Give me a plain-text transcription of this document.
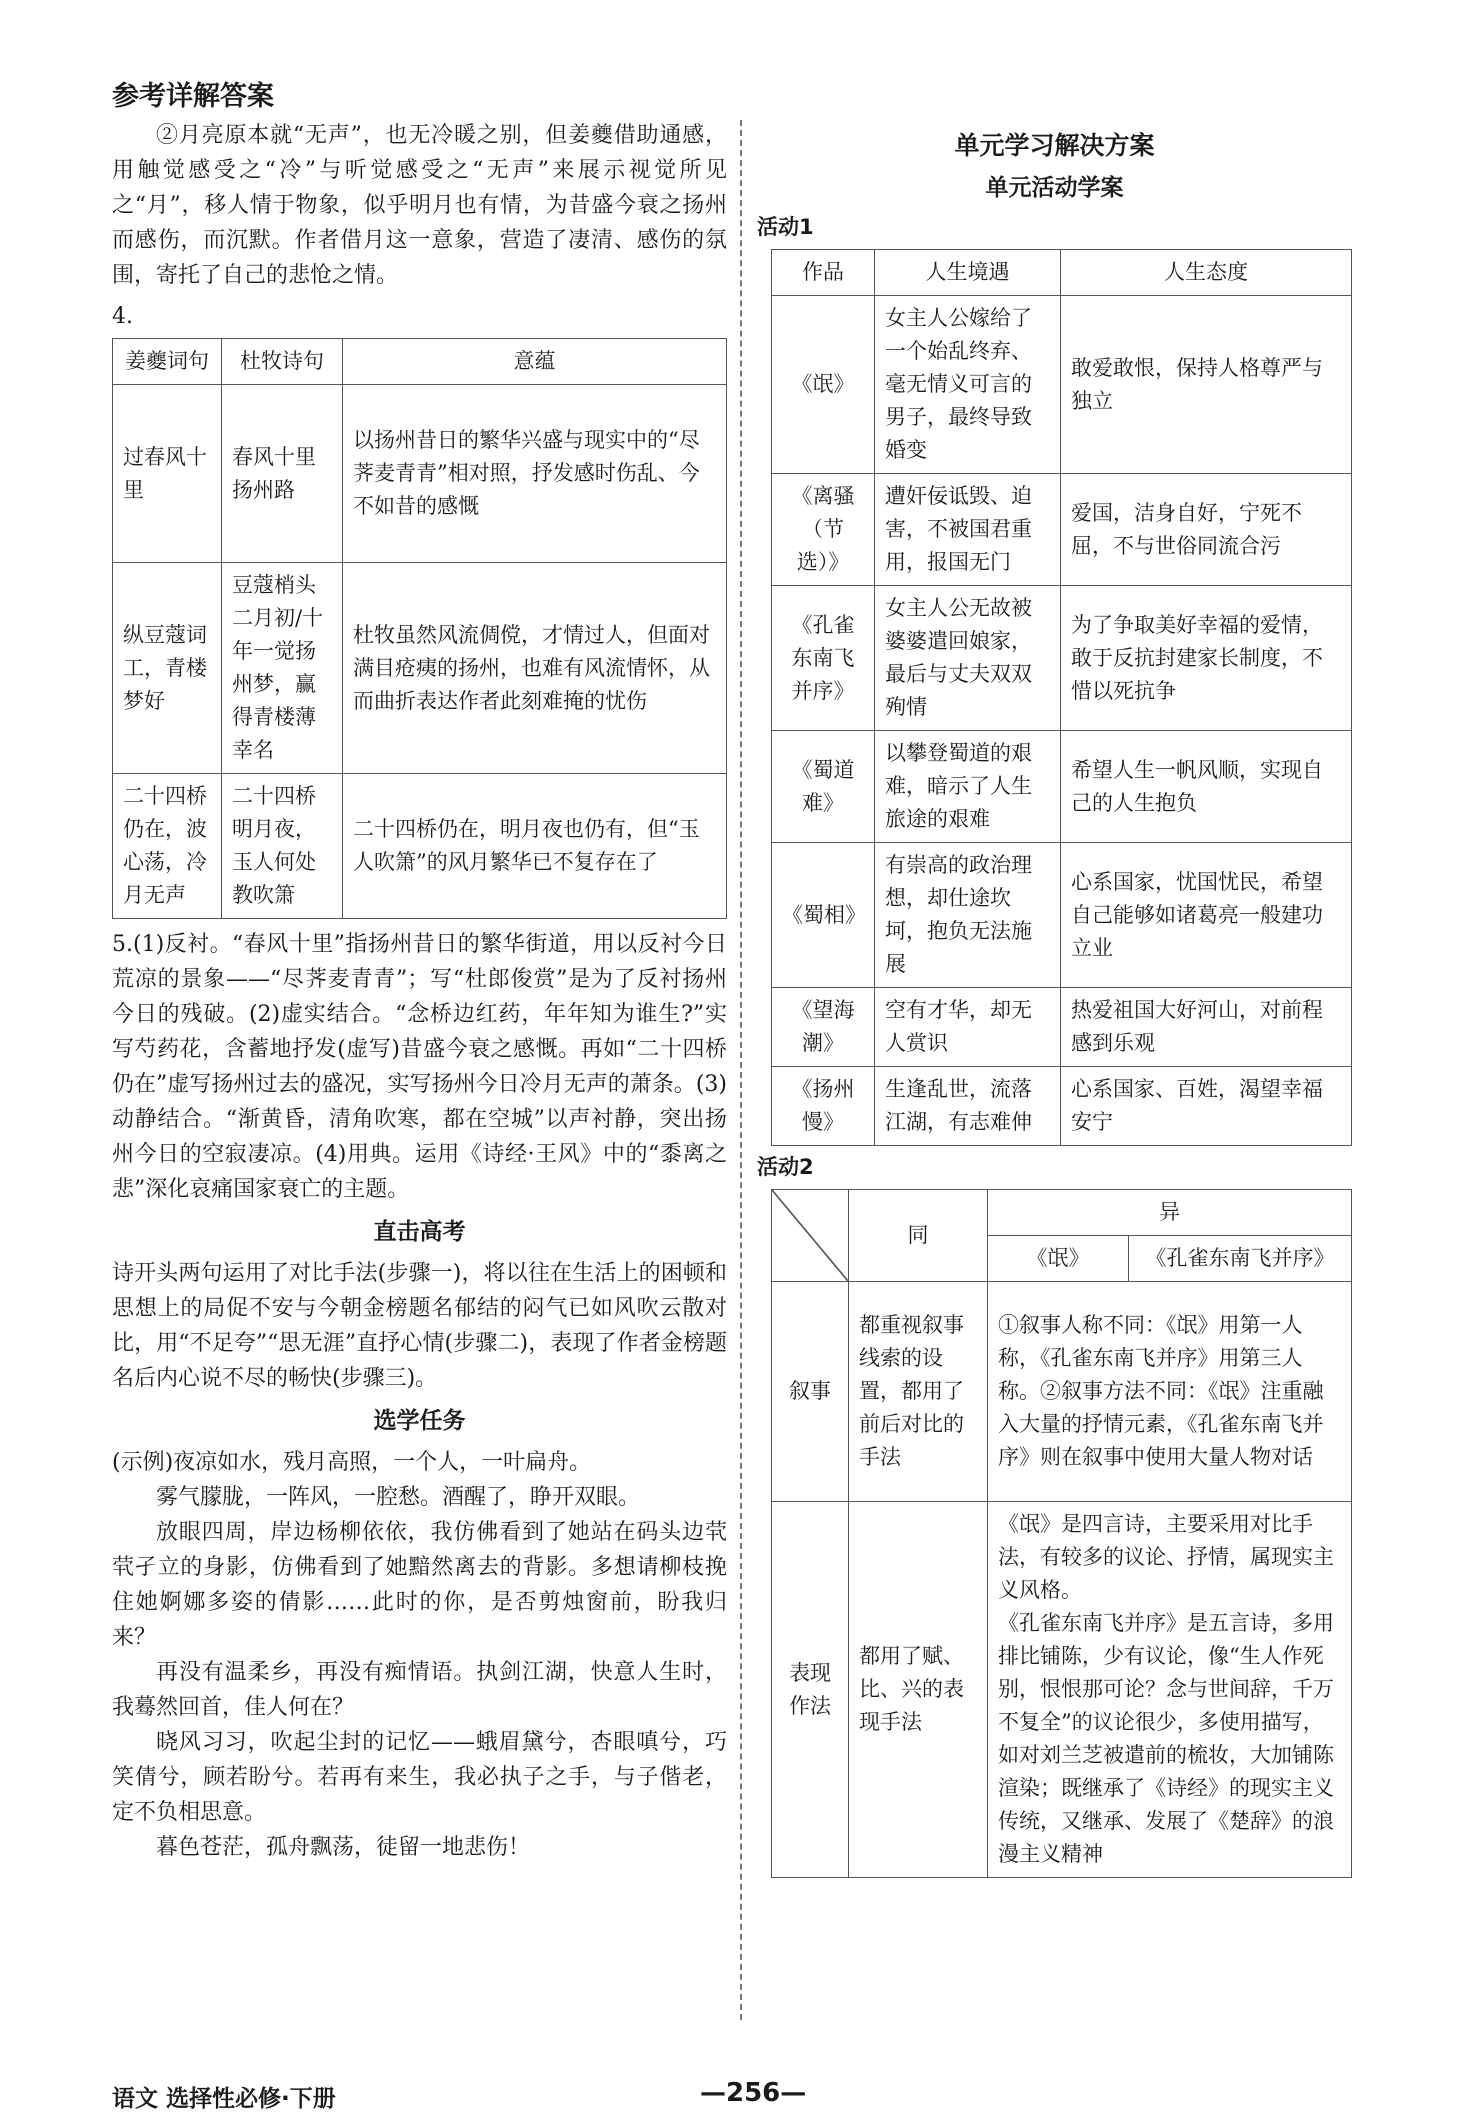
参考详解答案

②月亮原本就“无声”，也无冷暖之别，但姜夔借助通感，用触觉感受之“冷”与听觉感受之“无声”来展示视觉所见之“月”，移人情于物象，似乎明月也有情，为昔盛今衰之扬州而感伤，而沉默。作者借月这一意象，营造了凄清、感伤的氛围，寄托了自己的悲怆之情。

4.
姜夔词句	杜牧诗句	意蕴
过春风十里	春风十里扬州路	以扬州昔日的繁华兴盛与现实中的“尽荠麦青青”相对照，抒发感时伤乱、今不如昔的感慨
纵豆蔻词工，青楼梦好	豆蔻梢头二月初/十年一觉扬州梦，赢得青楼薄幸名	杜牧虽然风流倜傥，才情过人，但面对满目疮痍的扬州，也难有风流情怀，从而曲折表达作者此刻难掩的忧伤
二十四桥仍在，波心荡，冷月无声	二十四桥明月夜，玉人何处教吹箫	二十四桥仍在，明月夜也仍有，但“玉人吹箫”的风月繁华已不复存在了

5.(1)反衬。“春风十里”指扬州昔日的繁华街道，用以反衬今日荒凉的景象——“尽荠麦青青”；写“杜郎俊赏”是为了反衬扬州今日的残破。(2)虚实结合。“念桥边红药，年年知为谁生?”实写芍药花，含蓄地抒发(虚写)昔盛今衰之感慨。再如“二十四桥仍在”虚写扬州过去的盛况，实写扬州今日冷月无声的萧条。(3)动静结合。“渐黄昏，清角吹寒，都在空城”以声衬静，突出扬州今日的空寂凄凉。(4)用典。运用《诗经·王风》中的“黍离之悲”深化哀痛国家衰亡的主题。

直击高考

诗开头两句运用了对比手法(步骤一)，将以往在生活上的困顿和思想上的局促不安与今朝金榜题名郁结的闷气已如风吹云散对比，用“不足夸”“思无涯”直抒心情(步骤二)，表现了作者金榜题名后内心说不尽的畅快(步骤三)。

选学任务

(示例)夜凉如水，残月高照，一个人，一叶扁舟。

雾气朦胧，一阵风，一腔愁。酒醒了，睁开双眼。

放眼四周，岸边杨柳依依，我仿佛看到了她站在码头边茕茕孑立的身影，仿佛看到了她黯然离去的背影。多想请柳枝挽住她婀娜多姿的倩影……此时的你，是否剪烛窗前，盼我归来？

再没有温柔乡，再没有痴情语。执剑江湖，快意人生时，我蓦然回首，佳人何在？

晓风习习，吹起尘封的记忆——蛾眉黛兮，杏眼嗔兮，巧笑倩兮，顾若盼兮。若再有来生，我必执子之手，与子偕老，定不负相思意。

暮色苍茫，孤舟飘荡，徒留一地悲伤！

单元学习解决方案
单元活动学案
活动1
作品	人生境遇	人生态度
《氓》	女主人公嫁给了一个始乱终弃、毫无情义可言的男子，最终导致婚变	敢爱敢恨，保持人格尊严与独立
《离骚（节选）》	遭奸佞诋毁、迫害，不被国君重用，报国无门	爱国，洁身自好，宁死不屈，不与世俗同流合污
《孔雀东南飞并序》	女主人公无故被婆婆遣回娘家，最后与丈夫双双殉情	为了争取美好幸福的爱情，敢于反抗封建家长制度，不惜以死抗争
《蜀道难》	以攀登蜀道的艰难，暗示了人生旅途的艰难	希望人生一帆风顺，实现自己的人生抱负
《蜀相》	有崇高的政治理想，却仕途坎坷，抱负无法施展	心系国家，忧国忧民，希望自己能够如诸葛亮一般建功立业
《望海潮》	空有才华，却无人赏识	热爱祖国大好河山，对前程感到乐观
《扬州慢》	生逢乱世，流落江湖，有志难伸	心系国家、百姓，渴望幸福安宁
活动2
	同	异	
		《氓》	《孔雀东南飞并序》
叙事	都重视叙事线索的设置，都用了前后对比的手法	①叙事人称不同：《氓》用第一人称，《孔雀东南飞并序》用第三人称。②叙事方法不同：《氓》注重融入大量的抒情元素，《孔雀东南飞并序》则在叙事中使用大量人物对话	
表现作法	都用了赋、比、兴的表现手法	《氓》是四言诗，主要采用对比手法，有较多的议论、抒情，属现实主义风格。
《孔雀东南飞并序》是五言诗，多用排比铺陈，少有议论，像“生人作死别，恨恨那可论？念与世间辞，千万不复全”的议论很少，多使用描写，如对刘兰芝被遣前的梳妆，大加铺陈渲染；既继承了《诗经》的现实主义传统，又继承、发展了《楚辞》的浪漫主义精神	
语文 选择性必修·下册	—256—
